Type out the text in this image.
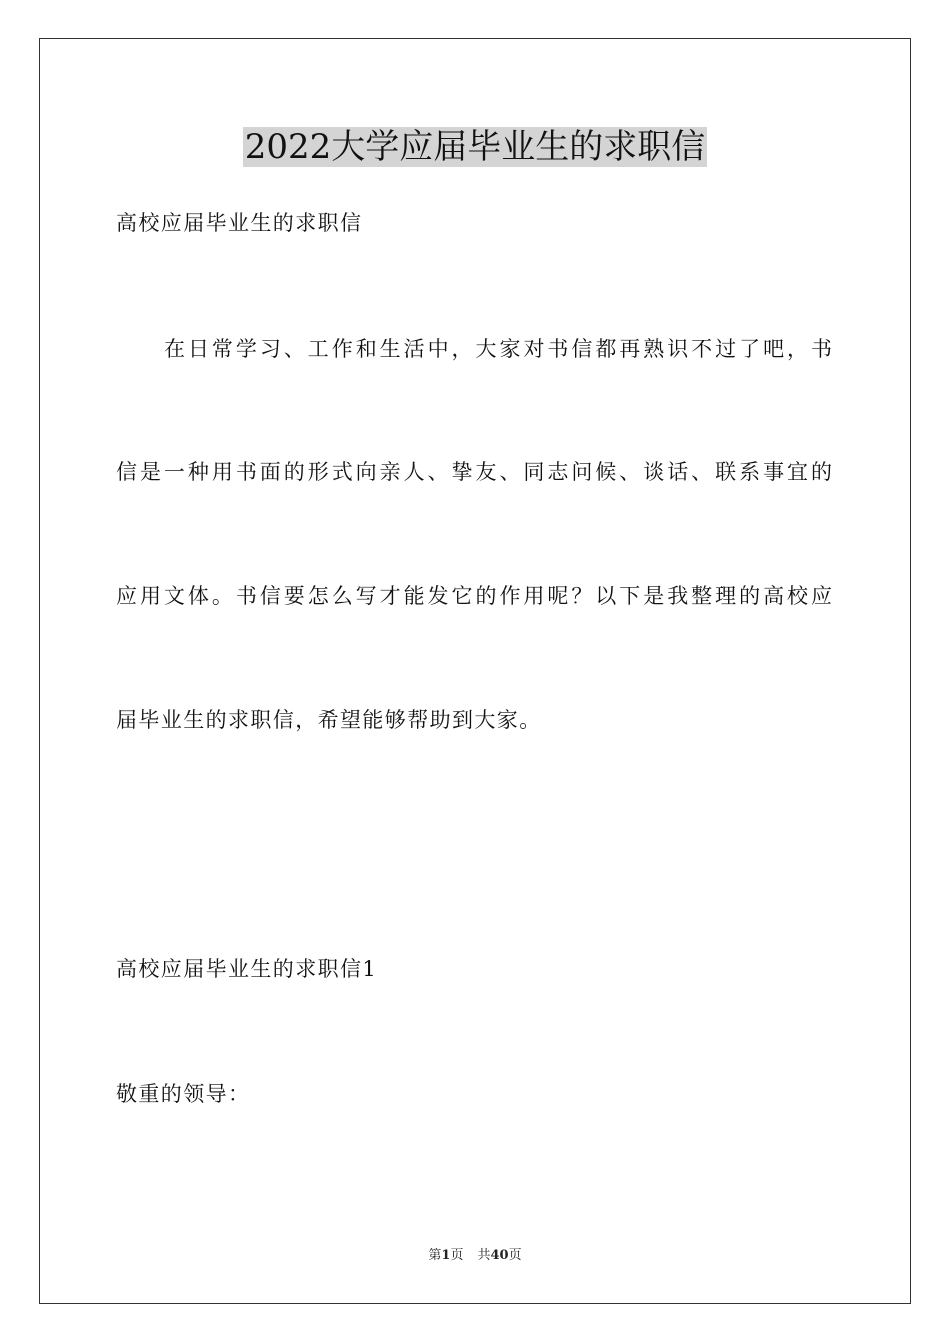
2022大学应届毕业生的求职信

高校应届毕业生的求职信

在日常学习、工作和生活中，大家对书信都再熟识不过了吧，书

信是一种用书面的形式向亲人、挚友、同志问候、谈话、联系事宜的

应用文体。书信要怎么写才能发它的作用呢？以下是我整理的高校应

届毕业生的求职信，希望能够帮助到大家。

高校应届毕业生的求职信1

敬重的领导：

第1页 共40页
